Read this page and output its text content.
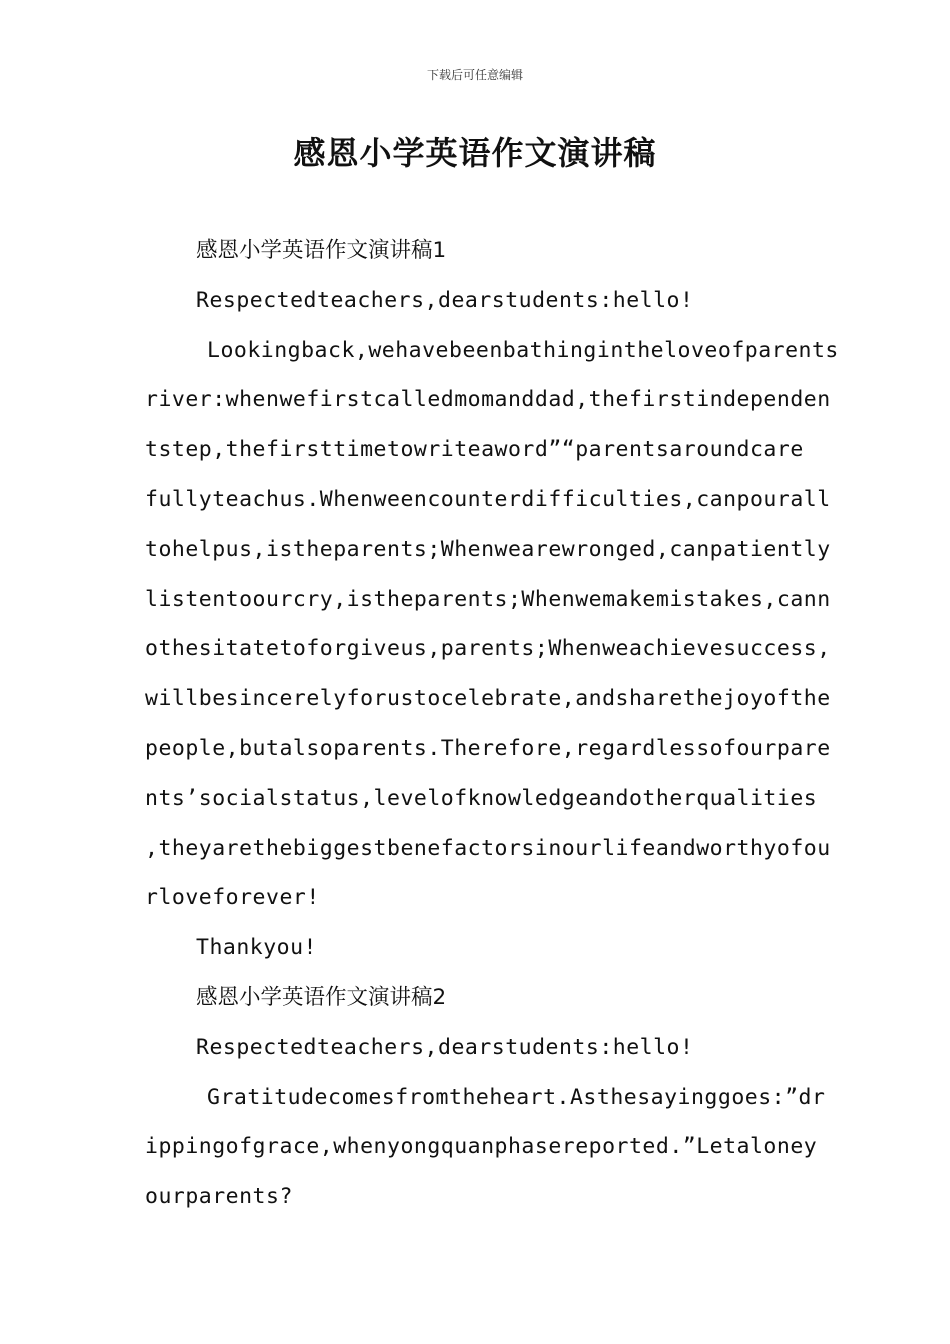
下载后可任意编辑
感恩小学英语作文演讲稿
感恩小学英语作文演讲稿1
Respectedteachers,dearstudents:hello!
Lookingback,wehavebeenbathingintheloveofparents
river:whenwefirstcalledmomanddad,thefirstindependen
tstep,thefirsttimetowriteaword”“parentsaroundcare
fullyteachus.Whenweencounterdifficulties,canpourall
tohelpus,istheparents;Whenwearewronged,canpatiently
listentoourcry,istheparents;Whenwemakemistakes,cann
othesitatetoforgiveus,parents;Whenweachievesuccess,
willbesincerelyforustocelebrate,andsharethejoyofthe
people,butalsoparents.Therefore,regardlessofourpare
nts’socialstatus,levelofknowledgeandotherqualities
,theyarethebiggestbenefactorsinourlifeandworthyofou
rloveforever!
Thankyou!
感恩小学英语作文演讲稿2
Respectedteachers,dearstudents:hello!
Gratitudecomesfromtheheart.Asthesayinggoes:”dr
ippingofgrace,whenyongquanphasereported.”Letaloney
ourparents?
